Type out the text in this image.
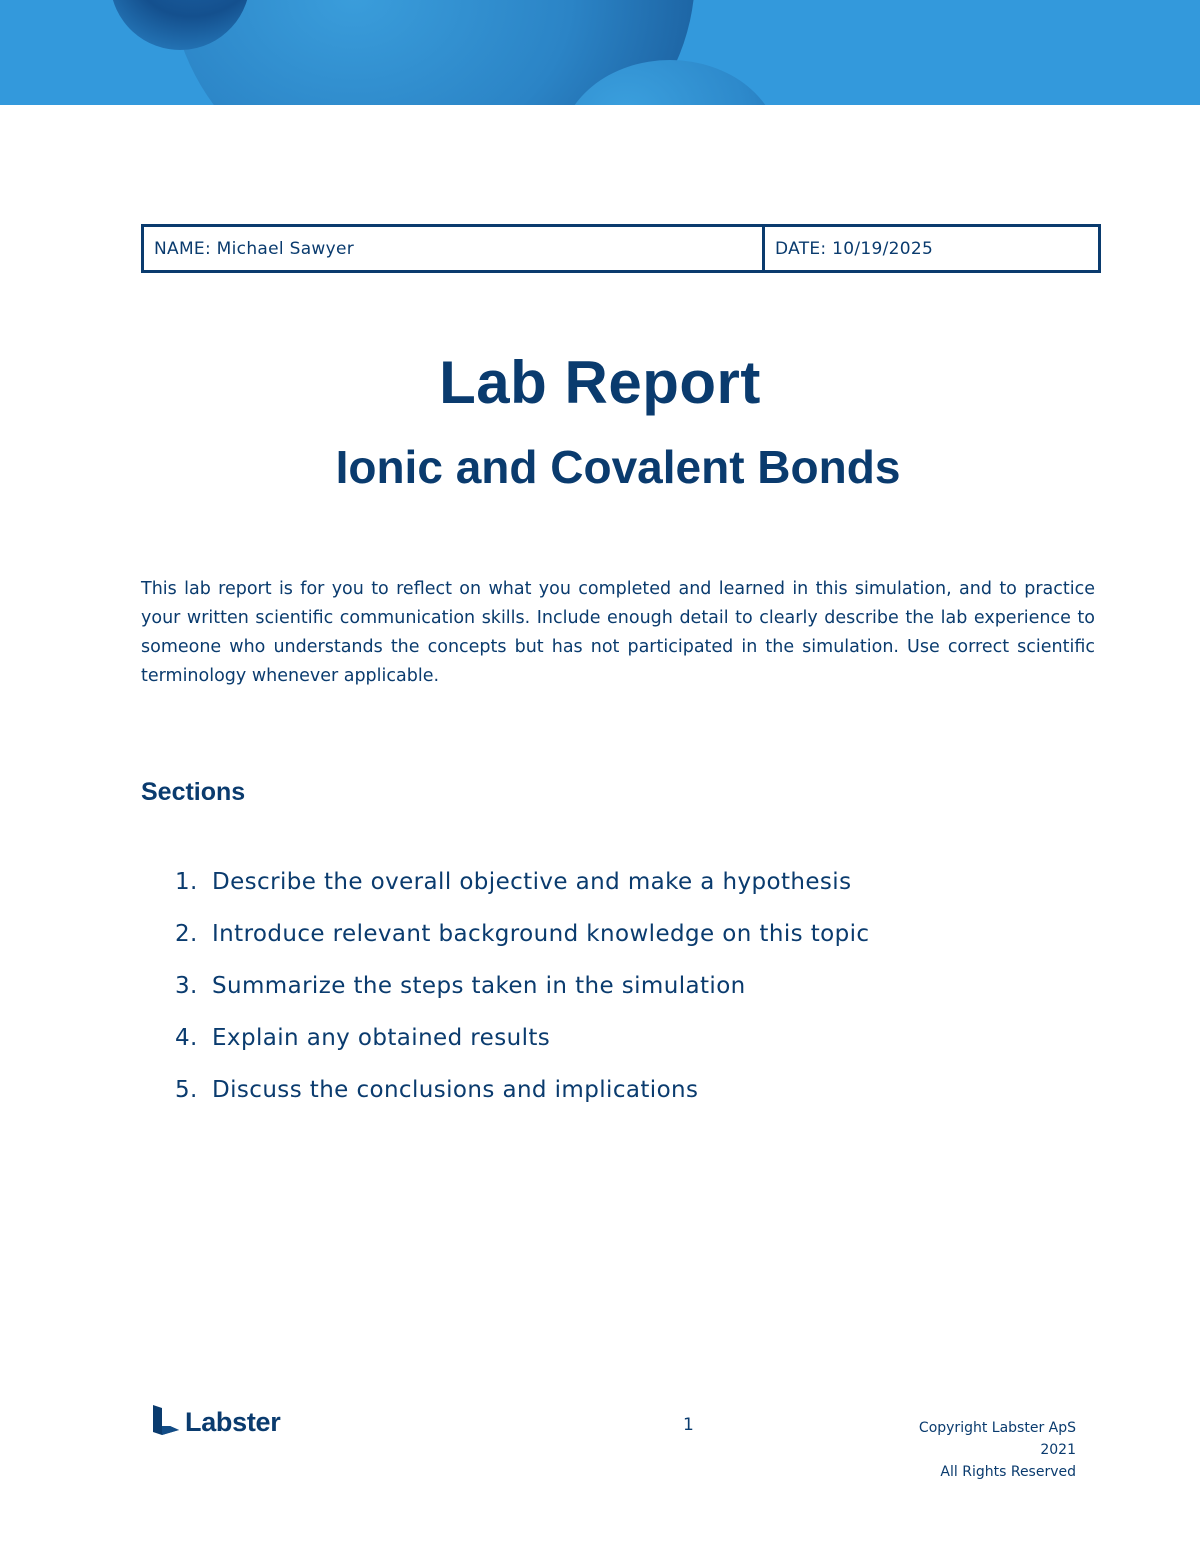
NAME: Michael Sawyer	DATE: 10/19/2025
Lab Report
Ionic and Covalent Bonds

This lab report is for you to reflect on what you completed and learned in this simulation, and to practice your written scientific communication skills. Include enough detail to clearly describe the lab experience to someone who understands the concepts but has not participated in the simulation. Use correct scientific terminology whenever applicable.

Sections
1. Describe the overall objective and make a hypothesis
2. Introduce relevant background knowledge on this topic
3. Summarize the steps taken in the simulation
4. Explain any obtained results
5. Discuss the conclusions and implications
Labster	1	Copyright Labster ApS
2021
All Rights Reserved
